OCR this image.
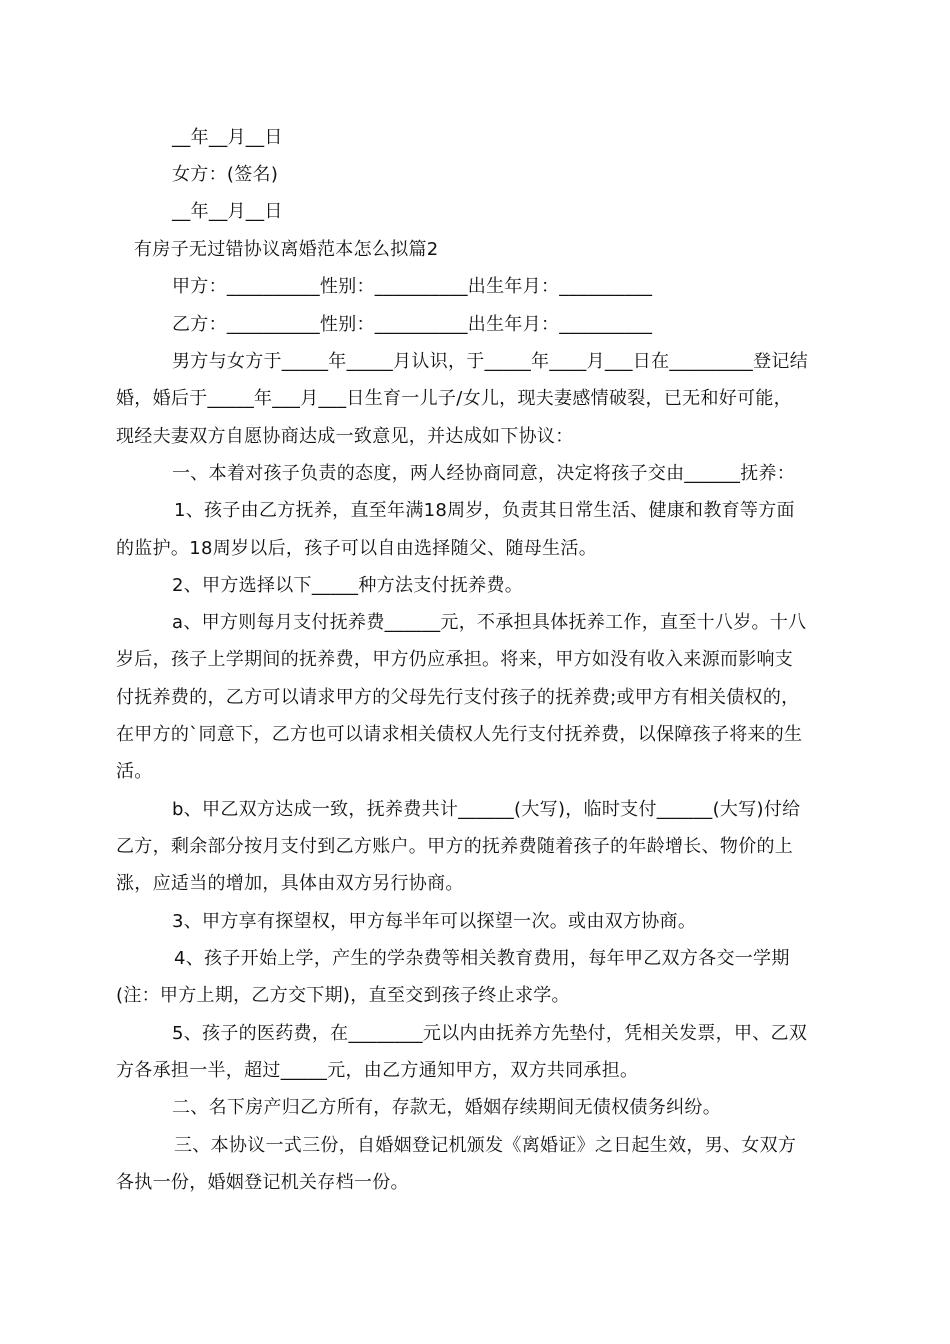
__年__月__日
女方：(签名)
__年__月__日
有房子无过错协议离婚范本怎么拟篇2
甲方：__________性别：__________出生年月：__________
乙方：__________性别：__________出生年月：__________
男方与女方于_____年_____月认识，于_____年____月___日在_________登记结
婚，婚后于_____年___月___日生育一儿子/女儿，现夫妻感情破裂，已无和好可能，
现经夫妻双方自愿协商达成一致意见，并达成如下协议：
一、本着对孩子负责的态度，两人经协商同意，决定将孩子交由______抚养：
1、孩子由乙方抚养，直至年满18周岁，负责其日常生活、健康和教育等方面
的监护。18周岁以后，孩子可以自由选择随父、随母生活。
2、甲方选择以下_____种方法支付抚养费。
a、甲方则每月支付抚养费______元，不承担具体抚养工作，直至十八岁。十八
岁后，孩子上学期间的抚养费，甲方仍应承担。将来，甲方如没有收入来源而影响支
付抚养费的，乙方可以请求甲方的父母先行支付孩子的抚养费;或甲方有相关债权的，
在甲方的`同意下，乙方也可以请求相关债权人先行支付抚养费，以保障孩子将来的生
活。
b、甲乙双方达成一致，抚养费共计______(大写)，临时支付______(大写)付给
乙方，剩余部分按月支付到乙方账户。甲方的抚养费随着孩子的年龄增长、物价的上
涨，应适当的增加，具体由双方另行协商。
3、甲方享有探望权，甲方每半年可以探望一次。或由双方协商。
4、孩子开始上学，产生的学杂费等相关教育费用，每年甲乙双方各交一学期
(注：甲方上期，乙方交下期)，直至交到孩子终止求学。
5、孩子的医药费，在________元以内由抚养方先垫付，凭相关发票，甲、乙双
方各承担一半，超过_____元，由乙方通知甲方，双方共同承担。
二、名下房产归乙方所有，存款无，婚姻存续期间无债权债务纠纷。
三、本协议一式三份，自婚姻登记机颁发《离婚证》之日起生效，男、女双方
各执一份，婚姻登记机关存档一份。
